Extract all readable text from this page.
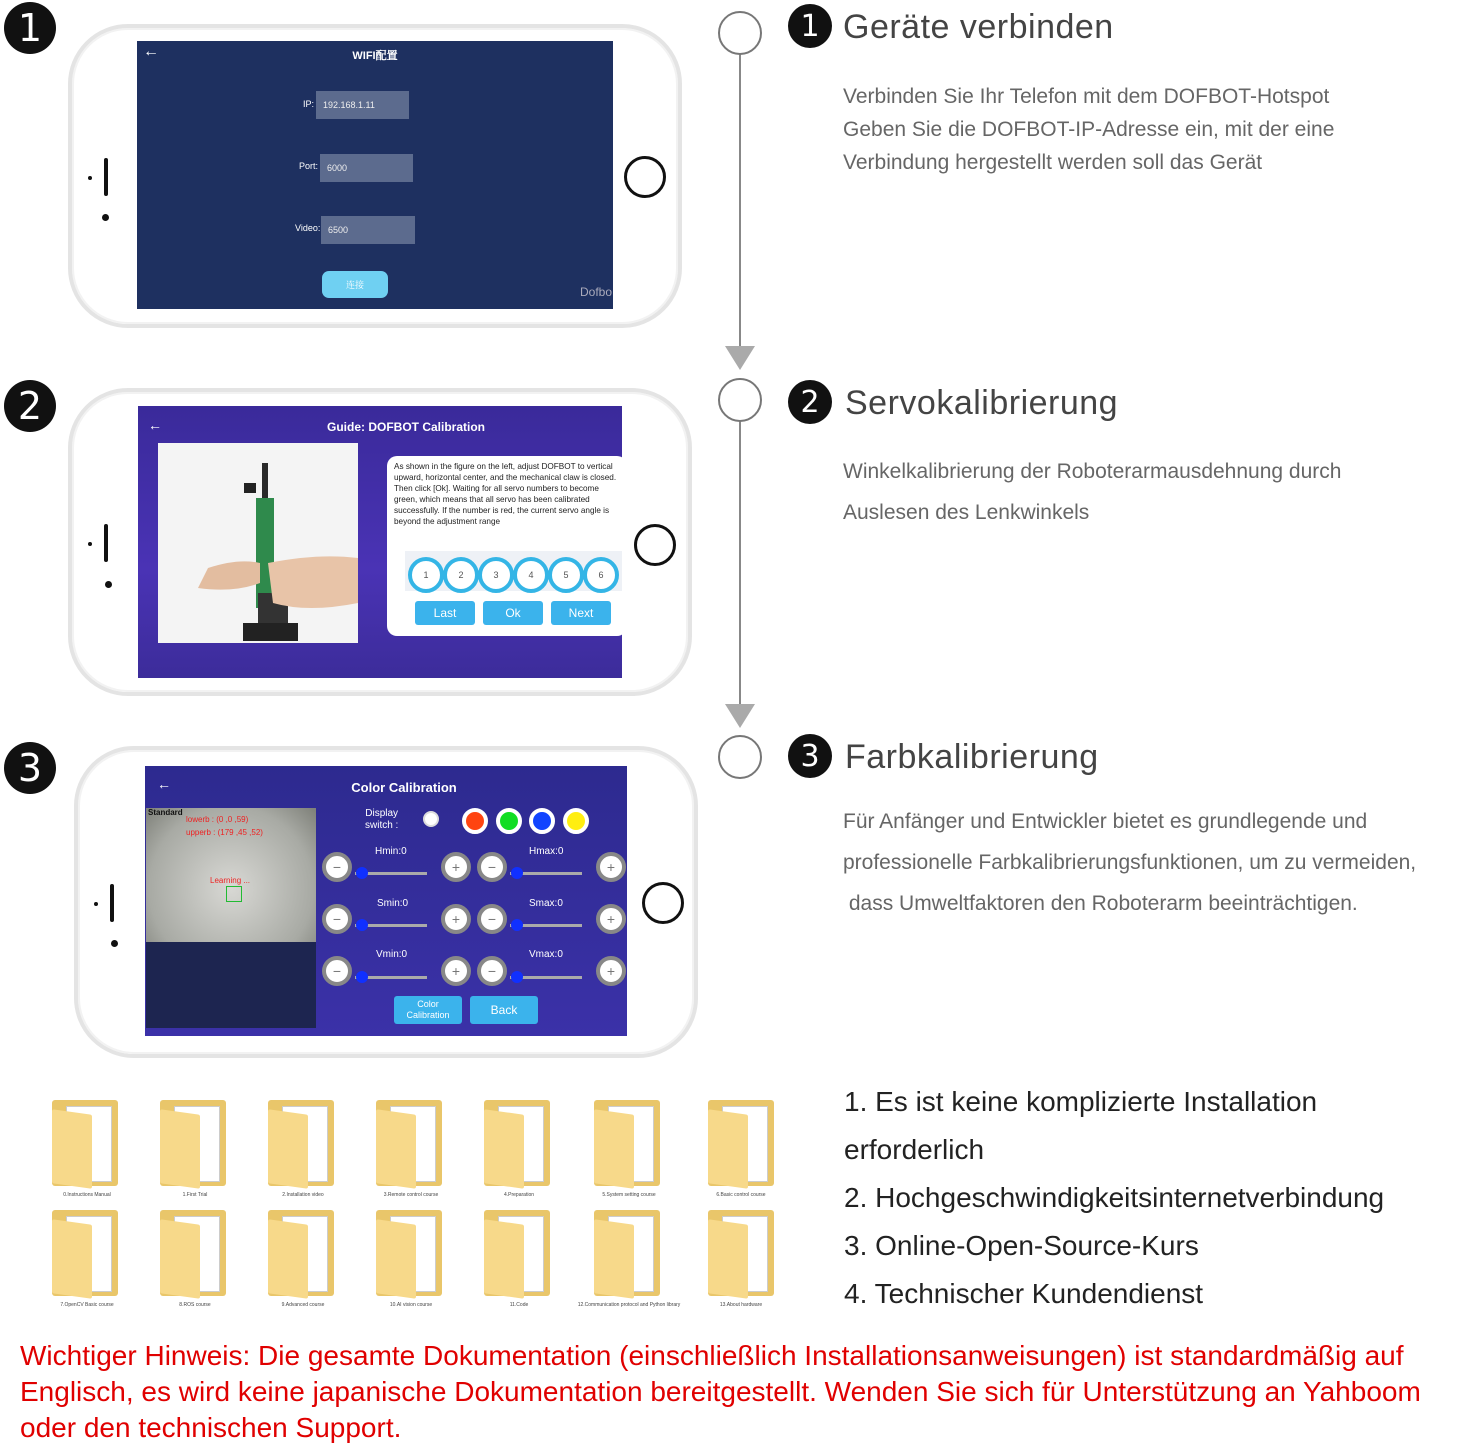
1
2
3
←	WIFI配置
IP: 192.168.1.11
Port: 6000
Video: 6500
连接	Dofbo
←	Guide: DOFBOT Calibration
As shown in the figure on the left, adjust DOFBOT to vertical upward, horizontal center, and the mechanical claw is closed. Then click [Ok]. Waiting for all servo numbers to become green, which means that all servo has been calibrated successfully. If the number is red, the current servo angle is beyond the adjustment range
1	2	3	4	5	6
Last	Ok	Next
←	Color Calibration
Standard
lowerb : (0 ,0 ,59)
upperb : (179 ,45 ,52)
Learning ...
Display
switch :
Hmin:0	Hmax:0
−	+	−	+
Smin:0	Smax:0
−	+	−	+
Vmin:0	Vmax:0
−	+	−	+
Color
Calibration	Back
1 Geräte verbinden
Verbinden Sie Ihr Telefon mit dem DOFBOT-Hotspot
Geben Sie die DOFBOT-IP-Adresse ein, mit der eine
Verbindung hergestellt werden soll das Gerät
2 Servokalibrierung
Winkelkalibrierung der Roboterarmausdehnung durch
Auslesen des Lenkwinkels
3 Farbkalibrierung
Für Anfänger und Entwickler bietet es grundlegende und
professionelle Farbkalibrierungsfunktionen, um zu vermeiden,
dass Umweltfaktoren den Roboterarm beeinträchtigen.
0.Instructions Manual	1.First Trial	2.Installation video	3.Remote control course	4.Preparation	5.System setting course	6.Basic control course
7.OpenCV Basic course	8.ROS course	9.Advanced course	10.AI vision course	11.Code	12.Communication protocol and Python library	13.About hardware
1. Es ist keine komplizierte Installation
erforderlich
2. Hochgeschwindigkeitsinternetverbindung
3. Online-Open-Source-Kurs
4. Technischer Kundendienst
Wichtiger Hinweis: Die gesamte Dokumentation (einschließlich Installationsanweisungen) ist standardmäßig auf Englisch, es wird keine japanische Dokumentation bereitgestellt. Wenden Sie sich für Unterstützung an Yahboom oder den technischen Support.
